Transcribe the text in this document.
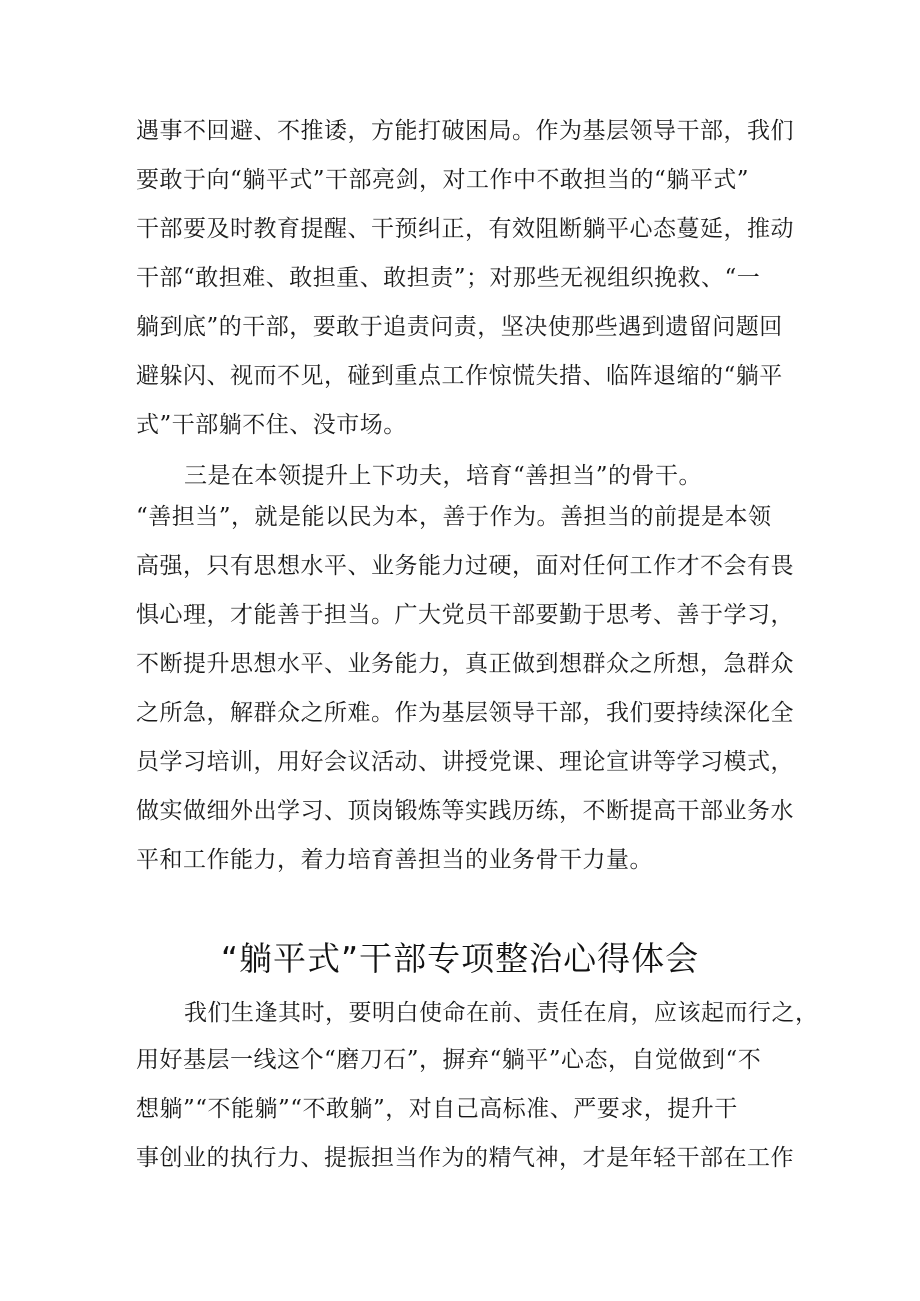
遇事不回避、不推诿，方能打破困局。作为基层领导干部，我们
要敢于向“躺平式”干部亮剑，对工作中不敢担当的“躺平式”
干部要及时教育提醒、干预纠正，有效阻断躺平心态蔓延，推动
干部“敢担难、敢担重、敢担责”；对那些无视组织挽救、“一
躺到底”的干部，要敢于追责问责，坚决使那些遇到遗留问题回
避躲闪、视而不见，碰到重点工作惊慌失措、临阵退缩的“躺平
式”干部躺不住、没市场。
三是在本领提升上下功夫，培育“善担当”的骨干。
“善担当”，就是能以民为本，善于作为。善担当的前提是本领
高强，只有思想水平、业务能力过硬，面对任何工作才不会有畏
惧心理，才能善于担当。广大党员干部要勤于思考、善于学习，
不断提升思想水平、业务能力，真正做到想群众之所想，急群众
之所急，解群众之所难。作为基层领导干部，我们要持续深化全
员学习培训，用好会议活动、讲授党课、理论宣讲等学习模式，
做实做细外出学习、顶岗锻炼等实践历练，不断提高干部业务水
平和工作能力，着力培育善担当的业务骨干力量。
“躺平式”干部专项整治心得体会
我们生逢其时，要明白使命在前、责任在肩，应该起而行之，
用好基层一线这个“磨刀石”，摒弃“躺平”心态，自觉做到“不
想躺”“不能躺”“不敢躺”，对自己高标准、严要求，提升干
事创业的执行力、提振担当作为的精气神，才是年轻干部在工作
